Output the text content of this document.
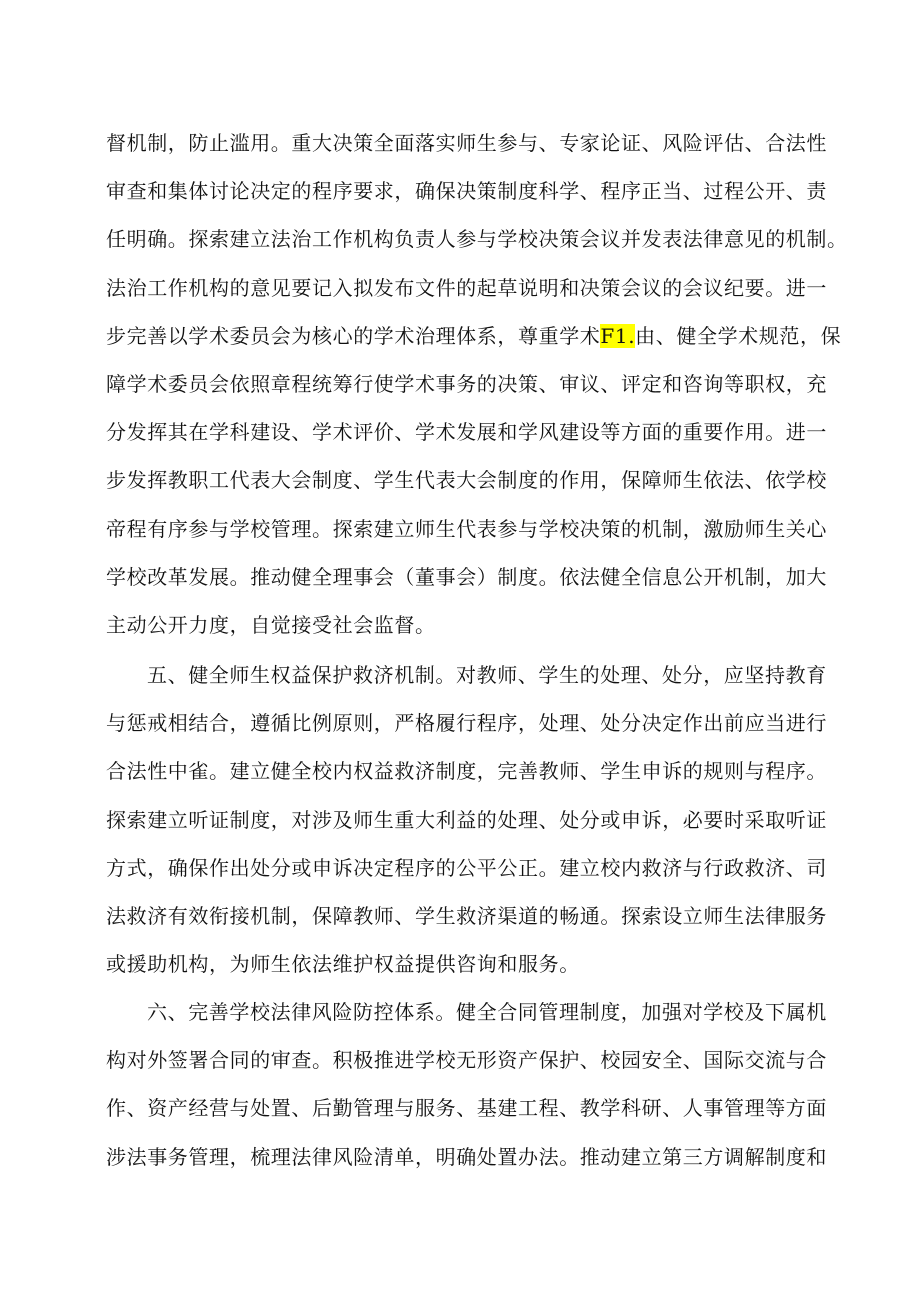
督机制，防止滥用。重大决策全面落实师生参与、专家论证、风险评估、合法性
审查和集体讨论决定的程序要求，确保决策制度科学、程序正当、过程公开、责
任明确。探索建立法治工作机构负责人参与学校决策会议并发表法律意见的机制。
法治工作机构的意见要记入拟发布文件的起草说明和决策会议的会议纪要。进一
步完善以学术委员会为核心的学术治理体系，尊重学术F1.由、健全学术规范，保
障学术委员会依照章程统筹行使学术事务的决策、审议、评定和咨询等职权，充
分发挥其在学科建设、学术评价、学术发展和学风建设等方面的重要作用。进一
步发挥教职工代表大会制度、学生代表大会制度的作用，保障师生依法、依学校
帝程有序参与学校管理。探索建立师生代表参与学校决策的机制，激励师生关心
学校改革发展。推动健全理事会（董事会）制度。依法健全信息公开机制，加大
主动公开力度，自觉接受社会监督。
五、健全师生权益保护救济机制。对教师、学生的处理、处分，应坚持教育
与惩戒相结合，遵循比例原则，严格履行程序，处理、处分决定作出前应当进行
合法性中雀。建立健全校内权益救济制度，完善教师、学生申诉的规则与程序。
探索建立听证制度，对涉及师生重大利益的处理、处分或申诉，必要时采取听证
方式，确保作出处分或申诉决定程序的公平公正。建立校内救济与行政救济、司
法救济有效衔接机制，保障教师、学生救济渠道的畅通。探索设立师生法律服务
或援助机构，为师生依法维护权益提供咨询和服务。
六、完善学校法律风险防控体系。健全合同管理制度，加强对学校及下属机
构对外签署合同的审查。积极推进学校无形资产保护、校园安全、国际交流与合
作、资产经营与处置、后勤管理与服务、基建工程、教学科研、人事管理等方面
涉法事务管理，梳理法律风险清单，明确处置办法。推动建立第三方调解制度和
